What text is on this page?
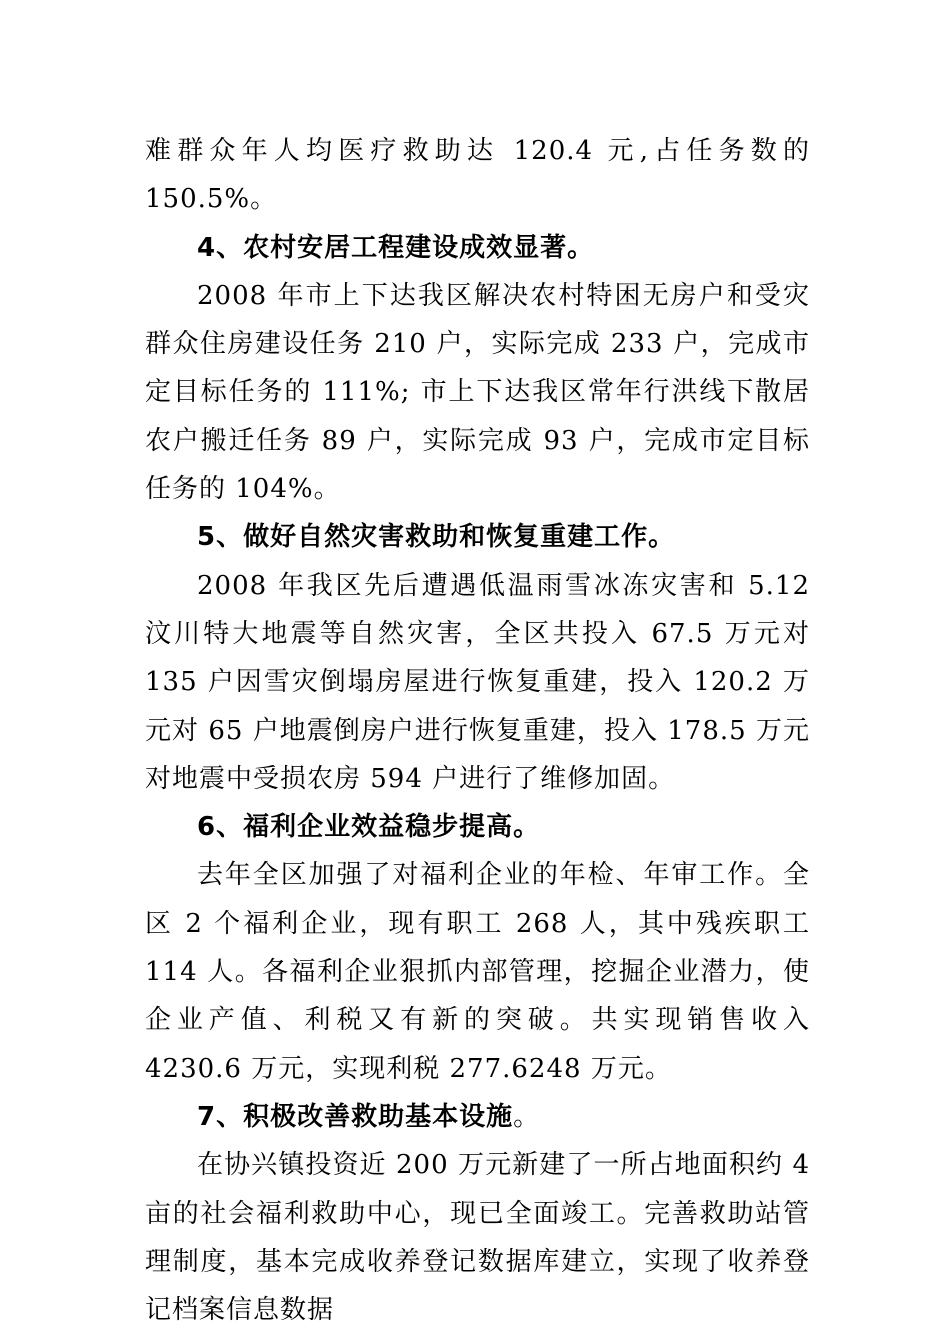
难群众年人均医疗救助达 120.4 元,占任务数的 150.5%。

4、农村安居工程建设成效显著。

2008 年市上下达我区解决农村特困无房户和受灾群众住房建设任务 210 户，实际完成 233 户，完成市定目标任务的 111%; 市上下达我区常年行洪线下散居农户搬迁任务 89 户，实际完成 93 户，完成市定目标任务的 104%。

5、做好自然灾害救助和恢复重建工作。

2008 年我区先后遭遇低温雨雪冰冻灾害和 5.12 汶川特大地震等自然灾害，全区共投入 67.5 万元对 135 户因雪灾倒塌房屋进行恢复重建，投入 120.2 万元对 65 户地震倒房户进行恢复重建，投入 178.5 万元对地震中受损农房 594 户进行了维修加固。

6、福利企业效益稳步提高。

去年全区加强了对福利企业的年检、年审工作。全区 2 个福利企业，现有职工 268 人，其中残疾职工 114 人。各福利企业狠抓内部管理，挖掘企业潜力，使企业产值、利税又有新的突破。共实现销售收入 4230.6 万元，实现利税 277.6248 万元。

7、积极改善救助基本设施。

在协兴镇投资近 200 万元新建了一所占地面积约 4 亩的社会福利救助中心，现已全面竣工。完善救助站管理制度，基本完成收养登记数据库建立，实现了收养登记档案信息数据
